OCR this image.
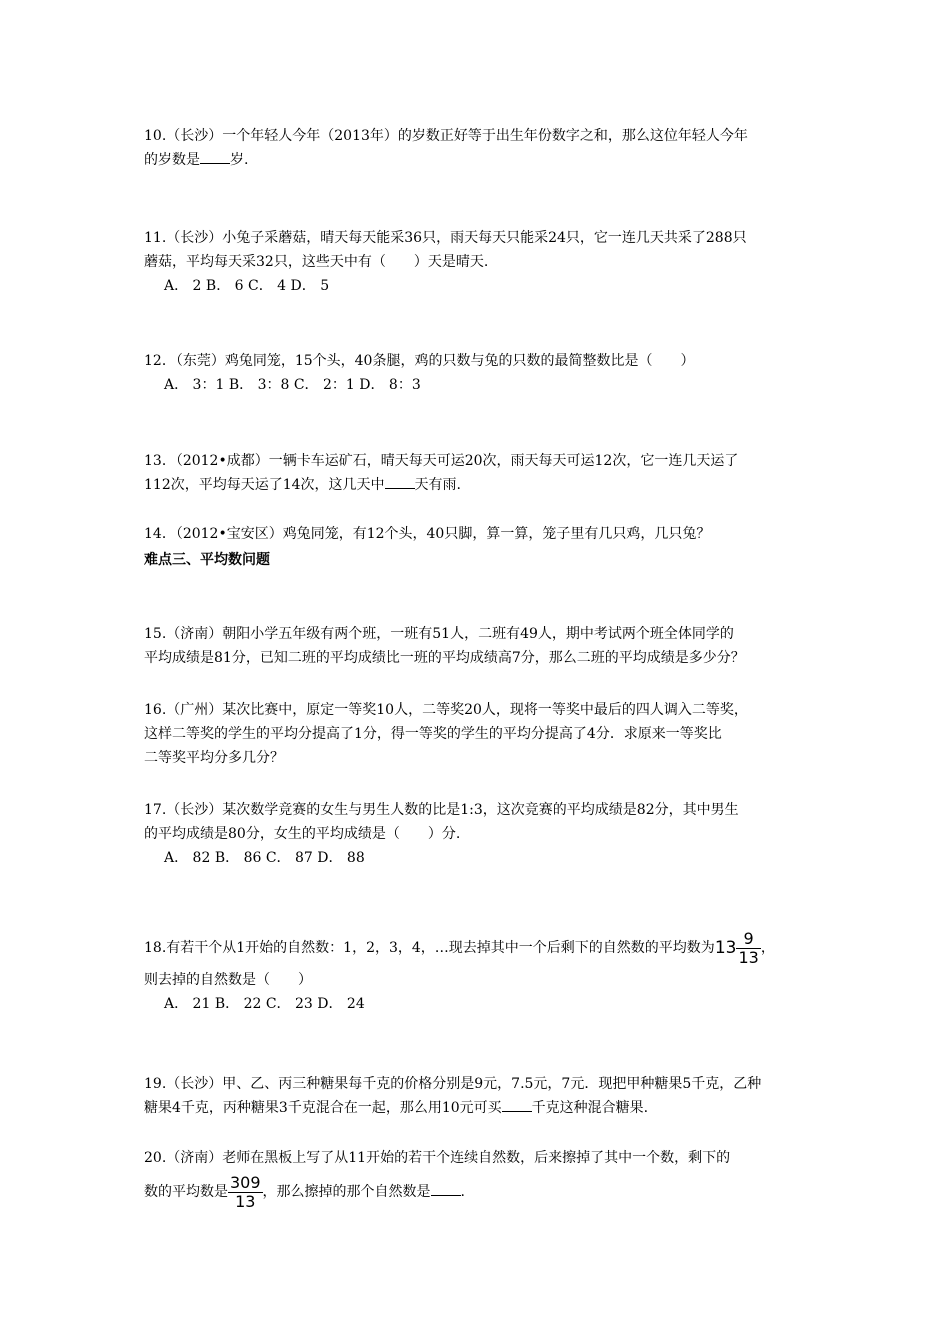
10.（长沙）一个年轻人今年（2013年）的岁数正好等于出生年份数字之和，那么这位年轻人今年
的岁数是 岁.
11.（长沙）小兔子采蘑菇，晴天每天能采36只，雨天每天只能采24只，它一连几天共采了288只
蘑菇，平均每天采32只，这些天中有（　　）天是晴天.
A． 2 B． 6 C． 4 D． 5
12．（东莞）鸡兔同笼，15个头，40条腿，鸡的只数与兔的只数的最简整数比是（　　）
A． 3：1 B． 3：8 C． 2：1 D． 8：3
13．（2012•成都）一辆卡车运矿石，晴天每天可运20次，雨天每天可运12次，它一连几天运了
112次，平均每天运了14次，这几天中 天有雨.
14．（2012•宝安区）鸡兔同笼，有12个头，40只脚，算一算，笼子里有几只鸡，几只兔？
难点三、平均数问题
15.（济南）朝阳小学五年级有两个班，一班有51人，二班有49人，期中考试两个班全体同学的
平均成绩是81分，已知二班的平均成绩比一班的平均成绩高7分，那么二班的平均成绩是多少分？
16.（广州）某次比赛中，原定一等奖10人，二等奖20人，现将一等奖中最后的四人调入二等奖，
这样二等奖的学生的平均分提高了1分，得一等奖的学生的平均分提高了4分．求原来一等奖比
二等奖平均分多几分？
17.（长沙）某次数学竞赛的女生与男生人数的比是1:3，这次竞赛的平均成绩是82分，其中男生
的平均成绩是80分，女生的平均成绩是（　　）分.
A． 82 B． 86 C． 87 D． 88
18.有若干个从1开始的自然数：1，2，3，4，…现去掉其中一个后剩下的自然数的平均数为$13 \frac{9}{13}$ ，
则去掉的自然数是（　　）
A． 21 B． 22 C． 23 D． 24
19.（长沙）甲、乙、丙三种糖果每千克的价格分别是9元，7.5元，7元．现把甲种糖果5千克，乙种
糖果4千克，丙种糖果3千克混合在一起，那么用10元可买 千克这种混合糖果.
20.（济南）老师在黑板上写了从11开始的若干个连续自然数，后来擦掉了其中一个数，剩下的
数的平均数是 $\frac{309}{13}$ ，那么擦掉的那个自然数是 .
